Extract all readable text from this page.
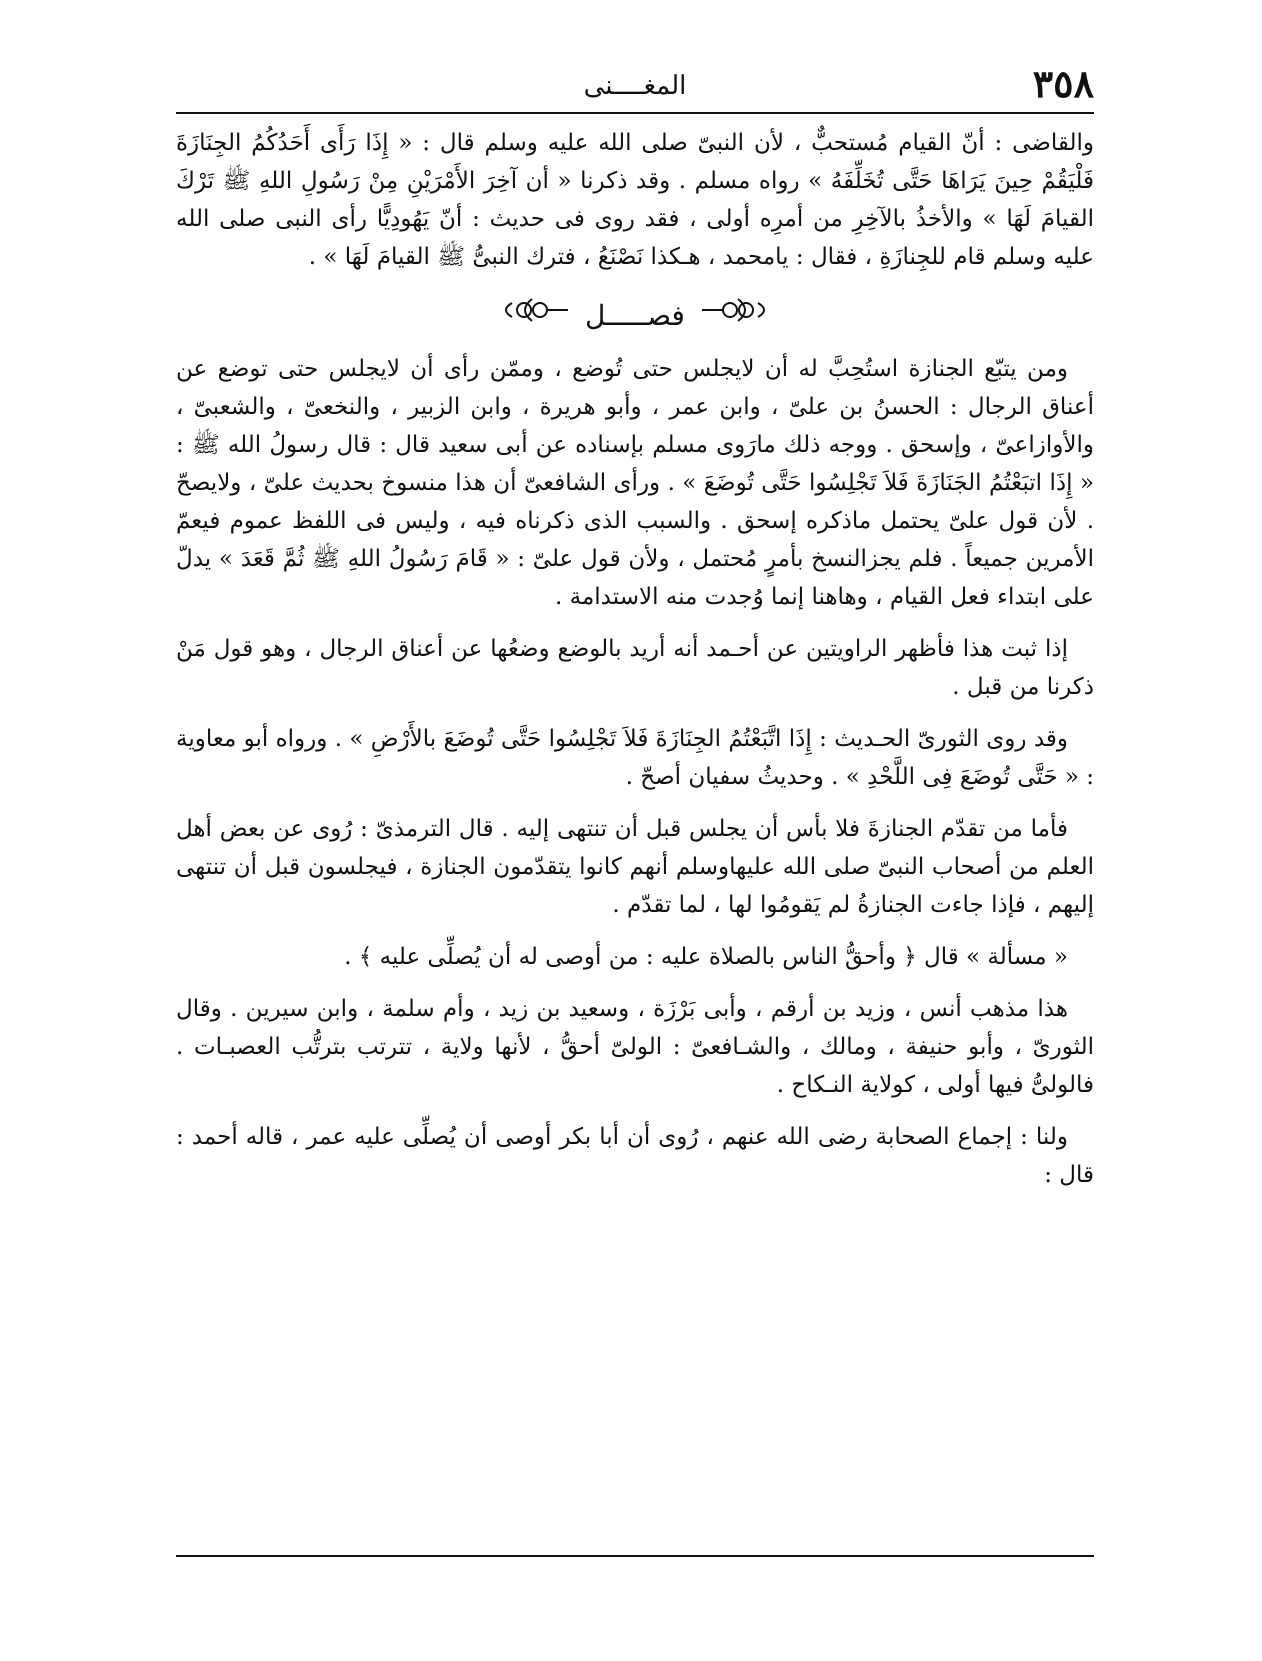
٣٥٨
المغــــنى

والقاضى : أنّ القيام مُستحبٌّ ، لأن النبىّ صلى الله عليه وسلم قال : « إِذَا رَأَى أَحَدُكُمُ الجِنَازَةَ فَلْيَقُمْ حِينَ يَرَاهَا حَتَّى تُخَلِّفَهُ » رواه مسلم . وقد ذكرنا « أن آخِرَ الأَمْرَيْنِ مِنْ رَسُولِ اللهِ ﷺ تَرْكَ القيامَ لَهَا » والأخذُ بالآخِرِ من أمرِه أولى ، فقد روى فى حديث : أنّ يَهُودِيًّا رأى النبى صلى الله عليه وسلم قام للجِنازَةِ ، فقال : يامحمد ، هـكذا نَصْنَعُ ، فترك النبىُّ ﷺ القيامَ لَهَا » .

فصـــــل

ومن يتبّع الجنازة استُحِبَّ له أن لايجلس حتى تُوضع ، وممّن رأى أن لايجلس حتى توضع عن أعناق الرجال : الحسنُ بن علىّ ، وابن عمر ، وأبو هريرة ، وابن الزبير ، والنخعىّ ، والشعبىّ ، والأوازاعىّ ، وإسحق . ووجه ذلك مارَوى مسلم بإسناده عن أبى سعيد قال : قال رسولُ الله ﷺ : « إِذَا اتبَعْتُمُ الجَنَازَةَ فَلاَ تَجْلِسُوا حَتَّى تُوضَعَ » . ورأى الشافعىّ أن هذا منسوخ بحديث علىّ ، ولايصحّ . لأن قول علىّ يحتمل ماذكره إسحق . والسبب الذى ذكرناه فيه ، وليس فى اللفظ عموم فيعمّ الأمرين جميعاً . فلم يجزالنسخ بأمرٍ مُحتمل ، ولأن قول علىّ : « قَامَ رَسُولُ اللهِ ﷺ ثُمَّ قَعَدَ » يدلّ على ابتداء فعل القيام ، وهاهنا إنما وُجدت منه الاستدامة .

إذا ثبت هذا فأظهر الراويتين عن أحـمد أنه أريد بالوضع وضعُها عن أعناق الرجال ، وهو قول مَنْ ذكرنا من قبل .

وقد روى الثورىّ الحـديث : إِذَا اتَّبَعْتُمُ الجِنَازَةَ فَلاَ تَجْلِسُوا حَتَّى تُوضَعَ بالأَرْضِ » . ورواه أبو معاوية : « حَتَّى تُوضَعَ فِى اللَّحْدِ » . وحديثُ سفيان أصحّ .

فأما من تقدّم الجنازةَ فلا بأس أن يجلس قبل أن تنتهى إليه . قال الترمذىّ : رُوى عن بعض أهل العلم من أصحاب النبىّ صلى الله عليهاوسلم أنهم كانوا يتقدّمون الجنازة ، فيجلسون قبل أن تنتهى إليهم ، فإذا جاءت الجنازةُ لم يَقومُوا لها ، لما تقدّم .

« مسألة » قال ﴿ وأحقُّ الناس بالصلاة عليه : من أوصى له أن يُصلِّى عليه ﴾ .

هذا مذهب أنس ، وزيد بن أرقم ، وأبى بَرْزَة ، وسعيد بن زيد ، وأم سلمة ، وابن سيرين . وقال الثورىّ ، وأبو حنيفة ، ومالك ، والشـافعىّ : الولىّ أحقُّ ، لأنها ولاية ، تترتب بترتُّب العصبـات . فالولىُّ فيها أولى ، كولاية النـكاح .

ولنا : إجماع الصحابة رضى الله عنهم ، رُوى أن أبا بكر أوصى أن يُصلِّى عليه عمر ، قاله أحمد : قال :
